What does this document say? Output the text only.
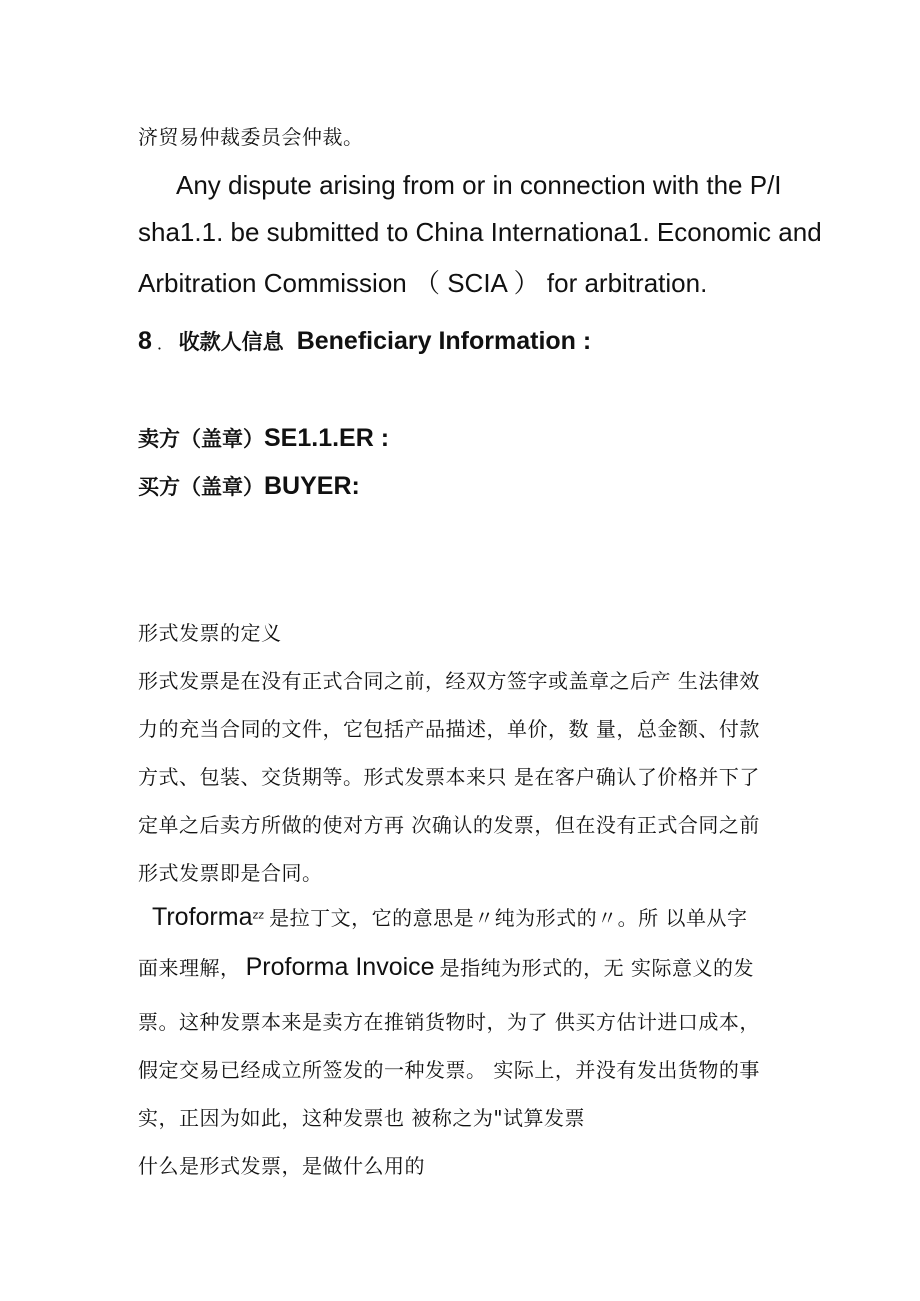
济贸易仲裁委员会仲裁。
Any dispute arising from or in connection with the P/I
sha1.1. be submitted to China Internationa1. Economic and
Arbitration Commission （ SCIA ） for arbitration.
8 ． 收款人信息 Beneficiary Information :
卖方（盖章）SE1.1.ER :
买方（盖章）BUYER:
形式发票的定义
形式发票是在没有正式合同之前，经双方签字或盖章之后产 生法律效
力的充当合同的文件，它包括产品描述，单价，数 量，总金额、付款
方式、包装、交货期等。形式发票本来只 是在客户确认了价格并下了
定单之后卖方所做的使对方再 次确认的发票，但在没有正式合同之前
形式发票即是合同。
Troforma$^{zz}$ 是拉丁文，它的意思是〃纯为形式的〃。所 以单从字
面来理解， Proforma Invoice 是指纯为形式的，无 实际意义的发
票。这种发票本来是卖方在推销货物时，为了 供买方估计进口成本，
假定交易已经成立所签发的一种发票。 实际上，并没有发出货物的事
实，正因为如此，这种发票也 被称之为"试算发票
什么是形式发票，是做什么用的
